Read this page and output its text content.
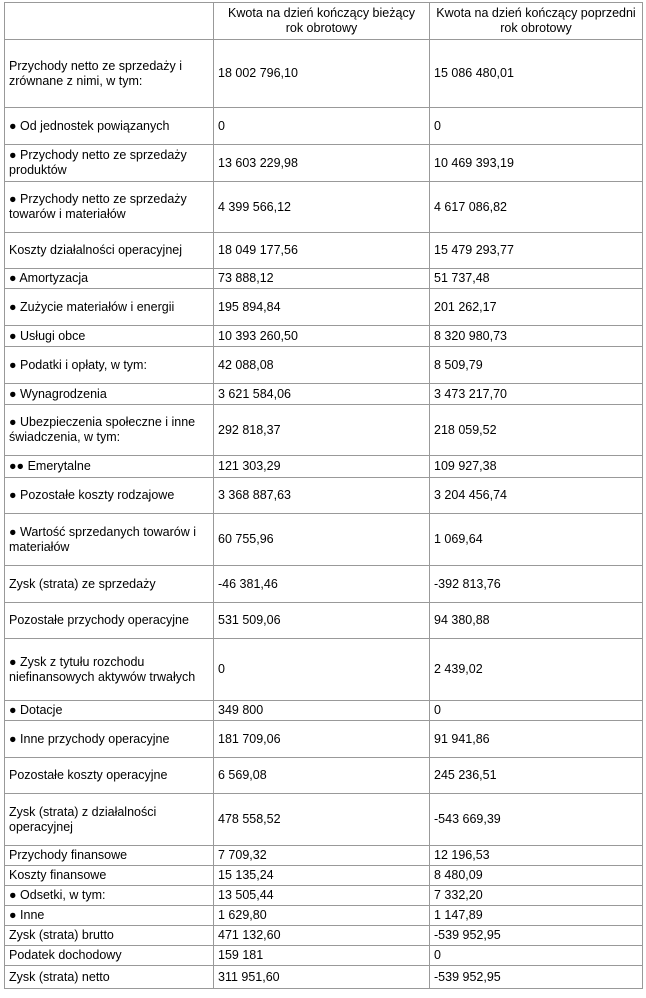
	Kwota na dzień kończący bieżący rok obrotowy	Kwota na dzień kończący poprzedni rok obrotowy
Przychody netto ze sprzedaży i zrównane z nimi, w tym:	18 002 796,10	15 086 480,01
● Od jednostek powiązanych	0	0
● Przychody netto ze sprzedaży produktów	13 603 229,98	10 469 393,19
● Przychody netto ze sprzedaży towarów i materiałów	4 399 566,12	4 617 086,82
Koszty działalności operacyjnej	18 049 177,56	15 479 293,77
● Amortyzacja	73 888,12	51 737,48
● Zużycie materiałów i energii	195 894,84	201 262,17
● Usługi obce	10 393 260,50	8 320 980,73
● Podatki i opłaty, w tym:	42 088,08	8 509,79
● Wynagrodzenia	3 621 584,06	3 473 217,70
● Ubezpieczenia społeczne i inne świadczenia, w tym:	292 818,37	218 059,52
●● Emerytalne	121 303,29	109 927,38
● Pozostałe koszty rodzajowe	3 368 887,63	3 204 456,74
● Wartość sprzedanych towarów i materiałów	60 755,96	1 069,64
Zysk (strata) ze sprzedaży	-46 381,46	-392 813,76
Pozostałe przychody operacyjne	531 509,06	94 380,88

● Zysk z tytułu rozchodu niefinansowych aktywów trwałych	0	2 439,02
● Dotacje	349 800	0
● Inne przychody operacyjne	181 709,06	91 941,86
Pozostałe koszty operacyjne	6 569,08	245 236,51
Zysk (strata) z działalności operacyjnej	478 558,52	-543 669,39
Przychody finansowe	7 709,32	12 196,53
Koszty finansowe	15 135,24	8 480,09
● Odsetki, w tym:	13 505,44	7 332,20
● Inne	1 629,80	1 147,89
Zysk (strata) brutto	471 132,60	-539 952,95
Podatek dochodowy	159 181	0
Zysk (strata) netto	311 951,60	-539 952,95
